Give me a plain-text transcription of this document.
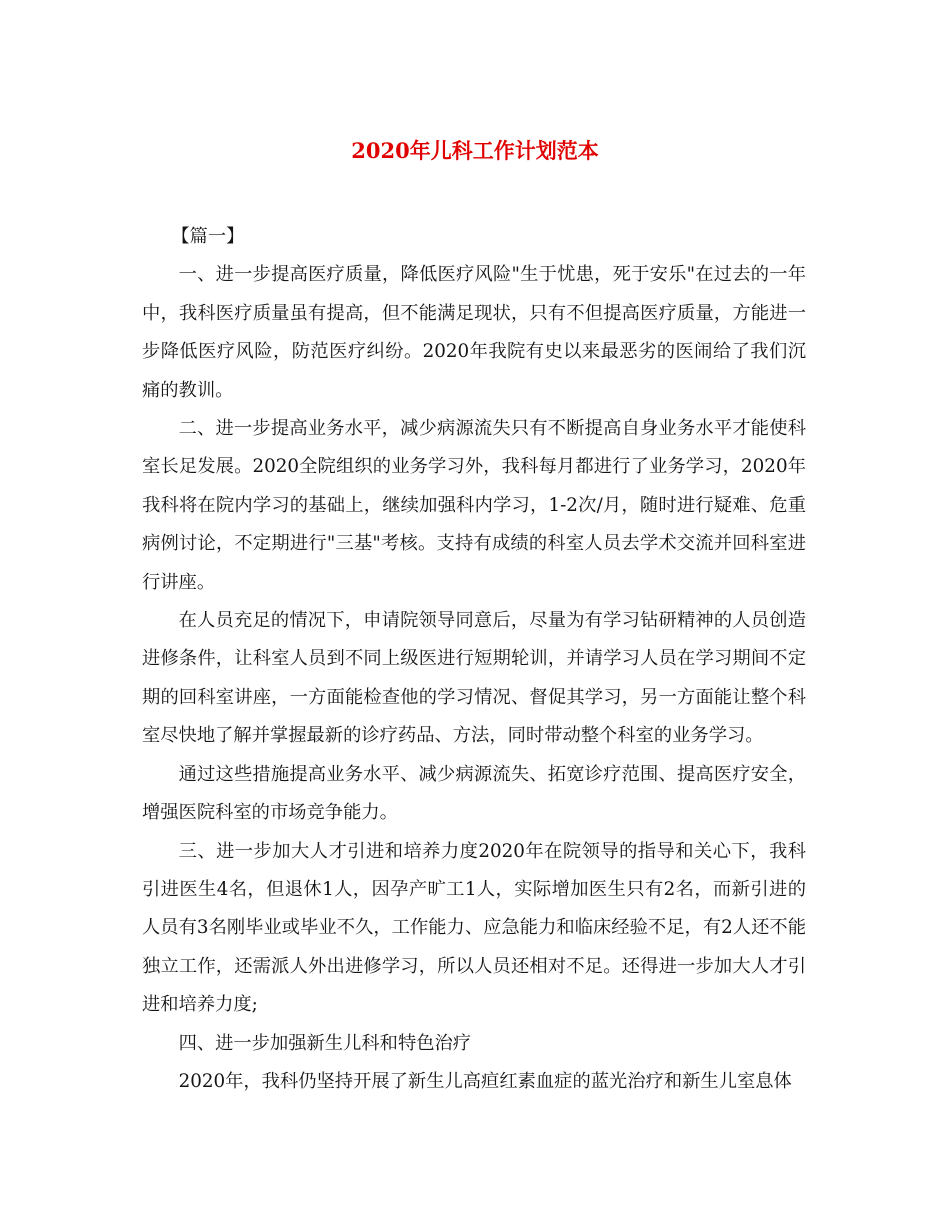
2020年儿科工作计划范本

【篇一】

一、进一步提高医疗质量，降低医疗风险"生于忧患，死于安乐"在过去的一年中，我科医疗质量虽有提高，但不能满足现状，只有不但提高医疗质量，方能进一步降低医疗风险，防范医疗纠纷。2020年我院有史以来最恶劣的医闹给了我们沉痛的教训。

二、进一步提高业务水平，减少病源流失只有不断提高自身业务水平才能使科室长足发展。2020全院组织的业务学习外，我科每月都进行了业务学习，2020年我科将在院内学习的基础上，继续加强科内学习，1-2次/月，随时进行疑难、危重病例讨论，不定期进行"三基"考核。支持有成绩的科室人员去学术交流并回科室进行讲座。

在人员充足的情况下，申请院领导同意后，尽量为有学习钻研精神的人员创造进修条件，让科室人员到不同上级医进行短期轮训，并请学习人员在学习期间不定期的回科室讲座，一方面能检查他的学习情况、督促其学习，另一方面能让整个科室尽快地了解并掌握最新的诊疗药品、方法，同时带动整个科室的业务学习。

通过这些措施提高业务水平、减少病源流失、拓宽诊疗范围、提高医疗安全，增强医院科室的市场竞争能力。

三、进一步加大人才引进和培养力度2020年在院领导的指导和关心下，我科引进医生4名，但退休1人，因孕产旷工1人，实际增加医生只有2名，而新引进的人员有3名刚毕业或毕业不久，工作能力、应急能力和临床经验不足，有2人还不能独立工作，还需派人外出进修学习，所以人员还相对不足。还得进一步加大人才引进和培养力度;

四、进一步加强新生儿科和特色治疗

2020年，我科仍坚持开展了新生儿高疸红素血症的蓝光治疗和新生儿室息体
